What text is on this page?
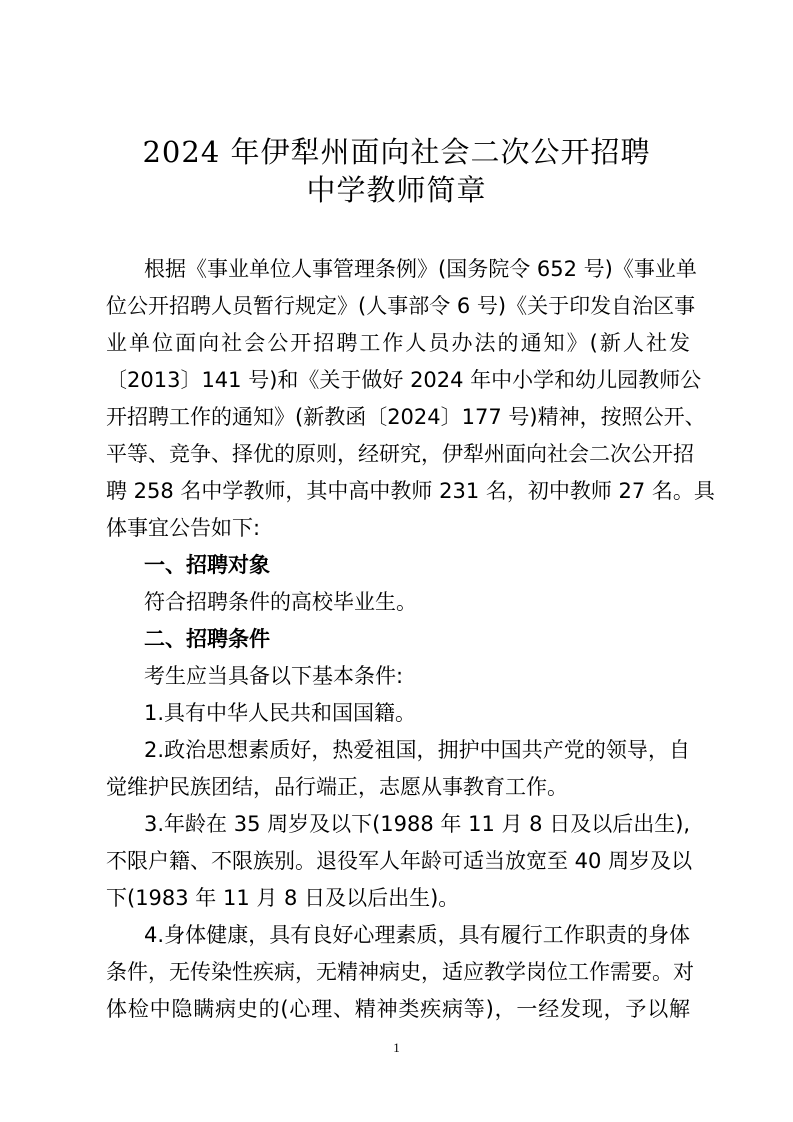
2024 年伊犁州面向社会二次公开招聘
中学教师简章
根据《事业单位人事管理条例》(国务院令 652 号)《事业单
位公开招聘人员暂行规定》(人事部令 6 号)《关于印发自治区事
业单位面向社会公开招聘工作人员办法的通知》(新人社发
〔2013〕141 号)和《关于做好 2024 年中小学和幼儿园教师公
开招聘工作的通知》(新教函〔2024〕177 号)精神，按照公开、
平等、竞争、择优的原则，经研究，伊犁州面向社会二次公开招
聘 258 名中学教师，其中高中教师 231 名，初中教师 27 名。具
体事宜公告如下:
一、招聘对象
符合招聘条件的高校毕业生。
二、招聘条件
考生应当具备以下基本条件:
1.具有中华人民共和国国籍。
2.政治思想素质好，热爱祖国，拥护中国共产党的领导，自
觉维护民族团结，品行端正，志愿从事教育工作。
3.年龄在 35 周岁及以下(1988 年 11 月 8 日及以后出生),
不限户籍、不限族别。退役军人年龄可适当放宽至 40 周岁及以
下(1983 年 11 月 8 日及以后出生)。
4.身体健康，具有良好心理素质，具有履行工作职责的身体
条件，无传染性疾病，无精神病史，适应教学岗位工作需要。对
体检中隐瞒病史的(心理、精神类疾病等)，一经发现，予以解
1
